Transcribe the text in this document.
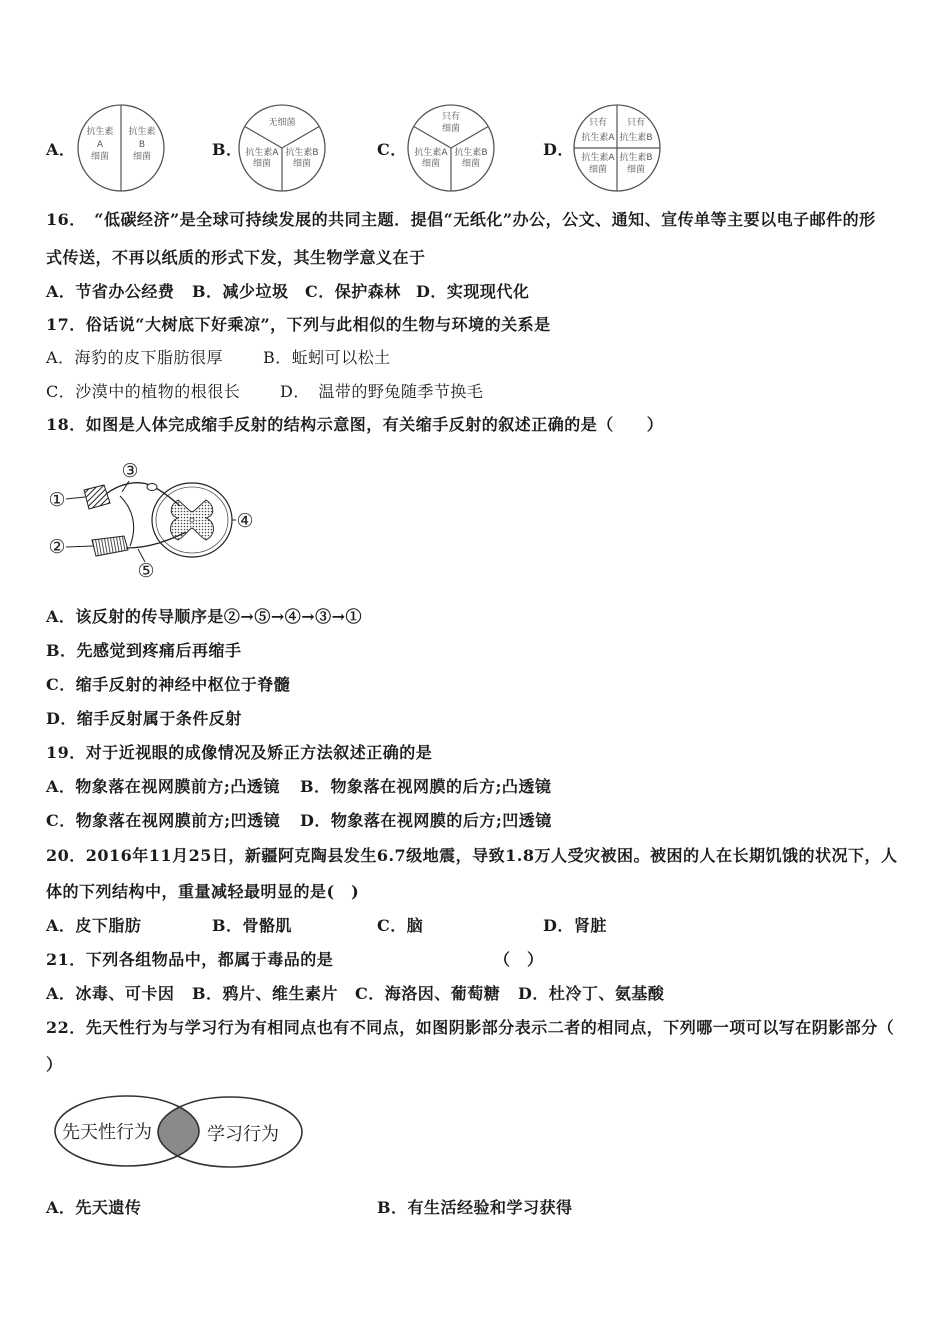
A．	B．	C．	D．
抗生素
A
细菌
抗生素
B
细菌
无细菌
抗生素A
细菌
抗生素B
细菌
只有
细菌
抗生素A
细菌
抗生素B
细菌
只有
抗生素A
只有
抗生素B
抗生素A
细菌
抗生素B
细菌
16．　“低碳经济”是全球可持续发展的共同主题．提倡“无纸化”办公，公文、通知、宣传单等主要以电子邮件的形
式传送，不再以纸质的形式下发，其生物学意义在于
A．节省办公经费 B．减少垃圾 C．保护森林 D．实现现代化
17．俗话说“大树底下好乘凉”，下列与此相似的生物与环境的关系是
A．海豹的皮下脂肪很厚 B．蚯蚓可以松土
C．沙漠中的植物的根很长 D．　温带的野兔随季节换毛
18．如图是人体完成缩手反射的结构示意图，有关缩手反射的叙述正确的是（　　）
①
②
③
④
⑤
A．该反射的传导顺序是②→⑤→④→③→①
B．先感觉到疼痛后再缩手
C．缩手反射的神经中枢位于脊髓
D．缩手反射属于条件反射
19．对于近视眼的成像情况及矫正方法叙述正确的是
A．物象落在视网膜前方;凸透镜 B．物象落在视网膜的后方;凸透镜
C．物象落在视网膜前方;凹透镜 D．物象落在视网膜的后方;凹透镜
20．2016年11月25日，新疆阿克陶县发生6.7级地震，导致1.8万人受灾被困。被困的人在长期饥饿的状况下，人
体的下列结构中，重量减轻最明显的是(　)
A．皮下脂肪	B．骨骼肌	C．脑	D．肾脏
21．下列各组物品中，都属于毒品的是	（　）
A．冰毒、可卡因 B．鸦片、维生素片 C．海洛因、葡萄糖 D．杜冷丁、氨基酸
22．先天性行为与学习行为有相同点也有不同点，如图阴影部分表示二者的相同点，下列哪一项可以写在阴影部分（
）
先天性行为	学习行为
A．先天遗传	B．有生活经验和学习获得
